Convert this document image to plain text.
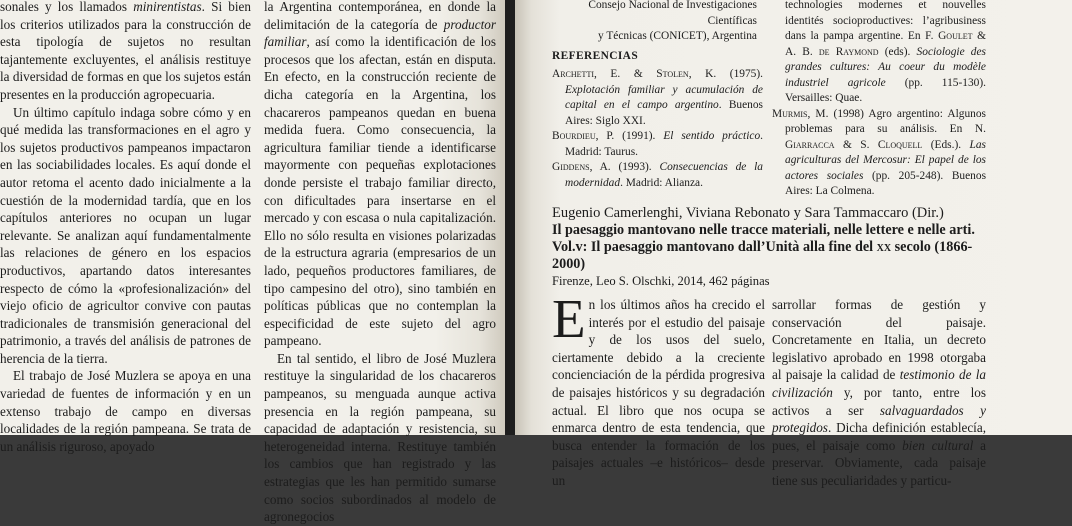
sonales y los llamados minirentistas. Si bien los criterios utilizados para la construcción de esta tipología de sujetos no resultan tajantemente excluyentes, el análisis restituye la diversidad de formas en que los sujetos están presentes en la producción agropecuaria.

Un último capítulo indaga sobre cómo y en qué medida las transformaciones en el agro y los sujetos productivos pampeanos impactaron en las sociabilidades locales. Es aquí donde el autor retoma el acento dado inicialmente a la cuestión de la modernidad tardía, que en los capítulos anteriores no ocupan un lugar relevante. Se analizan aquí fundamentalmente las relaciones de género en los espacios productivos, apartando datos interesantes respecto de cómo la «profesionalización» del viejo oficio de agricultor convive con pautas tradicionales de transmisión generacional del patrimonio, a través del análisis de patrones de herencia de la tierra.

El trabajo de José Muzlera se apoya en una variedad de fuentes de información y en un extenso trabajo de campo en diversas localidades de la región pampeana. Se trata de un análisis riguroso, apoyado

la Argentina contemporánea, en donde la delimitación de la categoría de productor familiar, así como la identificación de los procesos que los afectan, están en disputa. En efecto, en la construcción reciente de dicha categoría en la Argentina, los chacareros pampeanos quedan en buena medida fuera. Como consecuencia, la agricultura familiar tiende a identificarse mayormente con pequeñas explotaciones donde persiste el trabajo familiar directo, con dificultades para insertarse en el mercado y con escasa o nula capitalización. Ello no sólo resulta en visiones polarizadas de la estructura agraria (empresarios de un lado, pequeños productores familiares, de tipo campesino del otro), sino también en políticas públicas que no contemplan la especificidad de este sujeto del agro pampeano.

En tal sentido, el libro de José Muzlera restituye la singularidad de los chacareros pampeanos, su menguada aunque activa presencia en la región pampeana, su capacidad de adaptación y resistencia, su heterogeneidad interna. Restituye también los cambios que han registrado y las estrategias que les han permitido sumarse como socios subordinados al modelo de agronegocios

Consejo Nacional de Investigaciones Científicas
y Técnicas (CONICET), Argentina
REFERENCIAS

Archetti, E. & Stolen, K. (1975). Explotación familiar y acumulación de capital en el campo argentino. Buenos Aires: Siglo XXI.

Bourdieu, P. (1991). El sentido práctico. Madrid: Taurus.

Giddens, A. (1993). Consecuencias de la modernidad. Madrid: Alianza.

technologies modernes et nouvelles identités socioproductives: l’agribusiness dans la pampa argentine. En F. Goulet & A. B. de Raymond (eds). Sociologie des grandes cultures: Au coeur du modèle industriel agricole (pp. 115-130). Versailles: Quae.

Murmis, M. (1998) Agro argentino: Algunos problemas para su análisis. En N. Giarracca & S. Cloquell (Eds.). Las agriculturas del Mercosur: El papel de los actores sociales (pp. 205-248). Buenos Aires: La Colmena.

Eugenio Camerlenghi, Viviana Rebonato y Sara Tammaccaro (Dir.)
Il paesaggio mantovano nelle tracce materiali, nelle lettere e nelle arti. Vol.v: Il paesaggio mantovano dall’Unità alla fine del xx secolo (1866-2000)
Firenze, Leo S. Olschki, 2014, 462 páginas

En los últimos años ha crecido el interés por el estudio del paisaje y de los usos del suelo, ciertamente debido a la creciente concienciación de la pérdida progresiva de paisajes históricos y su degradación actual. El libro que nos ocupa se enmarca dentro de esta tendencia, que busca entender la formación de los paisajes actuales –e históricos– desde un

sarrollar formas de gestión y conservación del paisaje. Concretamente en Italia, un decreto legislativo aprobado en 1998 otorgaba al paisaje la calidad de testimonio de la civilización y, por tanto, entre los activos a ser salvaguardados y protegidos. Dicha definición establecía, pues, el paisaje como bien cultural a preservar. Obviamente, cada paisaje tiene sus peculiaridades y particu-
